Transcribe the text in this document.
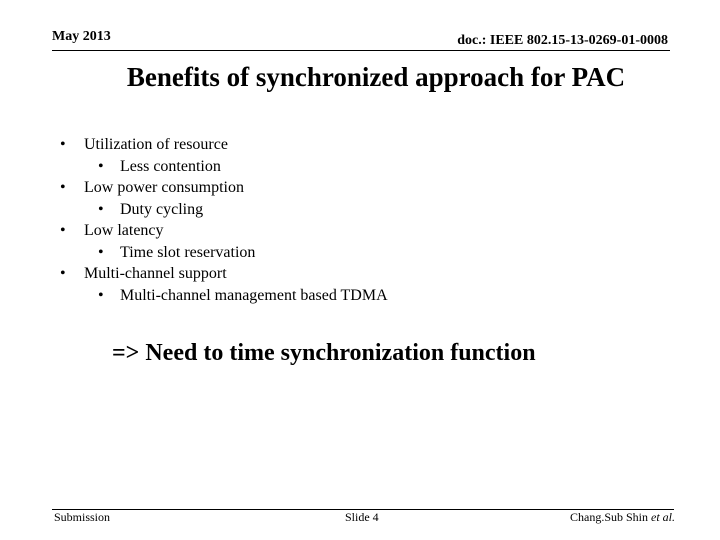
May 2013	doc.: IEEE 802.15-13-0269-01-0008
Benefits of synchronized approach for PAC
• Utilization of resource
• Less contention
• Low power consumption
• Duty cycling
• Low latency
• Time slot reservation
• Multi-channel support
• Multi-channel management based TDMA
=> Need to time synchronization function
Submission	Slide 4	Chang.Sub Shin et al.
